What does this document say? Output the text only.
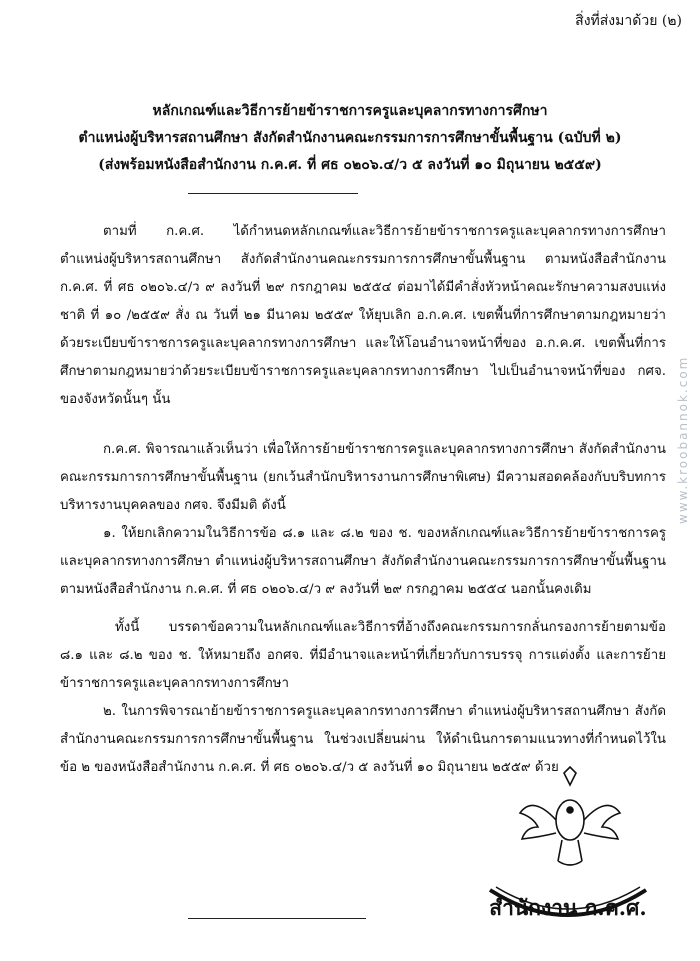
สิ่งที่ส่งมาด้วย (๒)
หลักเกณฑ์และวิธีการย้ายข้าราชการครูและบุคลากรทางการศึกษา
ตำแหน่งผู้บริหารสถานศึกษา สังกัดสำนักงานคณะกรรมการการศึกษาขั้นพื้นฐาน (ฉบับที่ ๒)
(ส่งพร้อมหนังสือสำนักงาน ก.ค.ศ. ที่ ศธ ๐๒๐๖.๔/ว ๕ ลงวันที่ ๑๐ มิถุนายน ๒๕๕๙)

ตามที่ ก.ค.ศ. ได้กำหนดหลักเกณฑ์และวิธีการย้ายข้าราชการครูและบุคลากรทางการศึกษา ตำแหน่งผู้บริหารสถานศึกษา สังกัดสำนักงานคณะกรรมการการศึกษาขั้นพื้นฐาน ตามหนังสือสำนักงาน ก.ค.ศ. ที่ ศธ ๐๒๐๖.๔/ว ๙ ลงวันที่ ๒๙ กรกฎาคม ๒๕๕๔ ต่อมาได้มีคำสั่งหัวหน้าคณะรักษาความสงบแห่งชาติ ที่ ๑๐ /๒๕๕๙ สั่ง ณ วันที่ ๒๑ มีนาคม ๒๕๕๙ ให้ยุบเลิก อ.ก.ค.ศ. เขตพื้นที่การศึกษาตามกฎหมายว่าด้วยระเบียบข้าราชการครูและบุคลากรทางการศึกษา และให้โอนอำนาจหน้าที่ของ อ.ก.ค.ศ. เขตพื้นที่การศึกษาตามกฎหมายว่าด้วยระเบียบข้าราชการครูและบุคลากรทางการศึกษา ไปเป็นอำนาจหน้าที่ของ กศจ. ของจังหวัดนั้นๆ นั้น

ก.ค.ศ. พิจารณาแล้วเห็นว่า เพื่อให้การย้ายข้าราชการครูและบุคลากรทางการศึกษา สังกัดสำนักงานคณะกรรมการการศึกษาขั้นพื้นฐาน (ยกเว้นสำนักบริหารงานการศึกษาพิเศษ) มีความสอดคล้องกับบริบทการบริหารงานบุคคลของ กศจ. จึงมีมติ ดังนี้

๑. ให้ยกเลิกความในวิธีการข้อ ๘.๑ และ ๘.๒ ของ ช. ของหลักเกณฑ์และวิธีการย้ายข้าราชการครูและบุคลากรทางการศึกษา ตำแหน่งผู้บริหารสถานศึกษา สังกัดสำนักงานคณะกรรมการการศึกษาขั้นพื้นฐาน ตามหนังสือสำนักงาน ก.ค.ศ. ที่ ศธ ๐๒๐๖.๔/ว ๙ ลงวันที่ ๒๙ กรกฎาคม ๒๕๕๔ นอกนั้นคงเดิม

ทั้งนี้ บรรดาข้อความในหลักเกณฑ์และวิธีการที่อ้างถึงคณะกรรมการกลั่นกรองการย้ายตามข้อ ๘.๑ และ ๘.๒ ของ ช. ให้หมายถึง อกศจ. ที่มีอำนาจและหน้าที่เกี่ยวกับการบรรจุ การแต่งตั้ง และการย้ายข้าราชการครูและบุคลากรทางการศึกษา

๒. ในการพิจารณาย้ายข้าราชการครูและบุคลากรทางการศึกษา ตำแหน่งผู้บริหารสถานศึกษา สังกัดสำนักงานคณะกรรมการการศึกษาขั้นพื้นฐาน ในช่วงเปลี่ยนผ่าน ให้ดำเนินการตามแนวทางที่กำหนดไว้ในข้อ ๒ ของหนังสือสำนักงาน ก.ค.ศ. ที่ ศธ ๐๒๐๖.๔/ว ๕ ลงวันที่ ๑๐ มิถุนายน ๒๕๕๙ ด้วย

www.kroobannok.com
สำนักงาน ก.ค.ศ.
